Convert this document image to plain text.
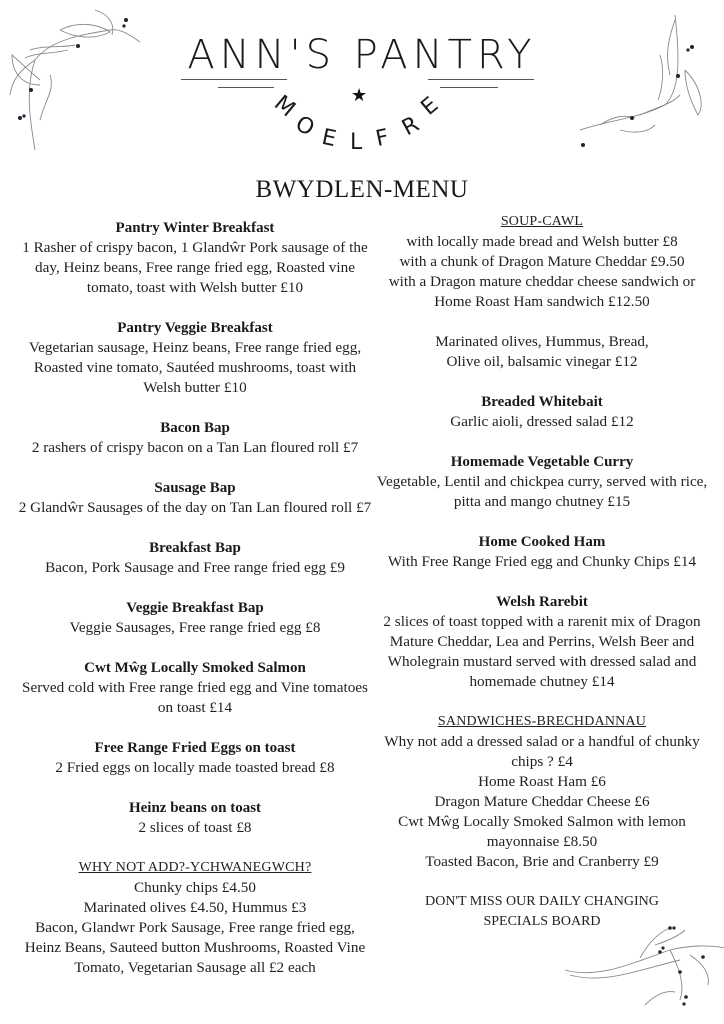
ANN'S PANTRY
★
M
O E L F R
E
BWYDLEN-MENU
Pantry Winter Breakfast
1 Rasher of crispy bacon, 1 Glandŵr Pork sausage of the
day, Heinz beans, Free range fried egg, Roasted vine
tomato, toast with Welsh butter £10
Pantry Veggie Breakfast
Vegetarian sausage, Heinz beans, Free range fried egg,
Roasted vine tomato, Sautéed mushrooms, toast with
Welsh butter £10
Bacon Bap
2 rashers of crispy bacon on a Tan Lan floured roll £7
Sausage Bap
2 Glandŵr Sausages of the day on Tan Lan floured roll £7
Breakfast Bap
Bacon, Pork Sausage and Free range fried egg £9
Veggie Breakfast Bap
Veggie Sausages, Free range fried egg £8
Cwt Mŵg Locally Smoked Salmon
Served cold with Free range fried egg and Vine tomatoes
on toast £14
Free Range Fried Eggs on toast
2 Fried eggs on locally made toasted bread £8
Heinz beans on toast
2 slices of toast £8
WHY NOT ADD?-YCHWANEGWCH?
Chunky chips £4.50
Marinated olives £4.50, Hummus £3
Bacon, Glandwr Pork Sausage, Free range fried egg,
Heinz Beans, Sauteed button Mushrooms, Roasted Vine
Tomato, Vegetarian Sausage all £2 each
SOUP-CAWL
with locally made bread and Welsh butter £8
with a chunk of Dragon Mature Cheddar £9.50
with a Dragon mature cheddar cheese sandwich or
Home Roast Ham sandwich £12.50
Marinated olives, Hummus, Bread,
Olive oil, balsamic vinegar £12
Breaded Whitebait
Garlic aioli, dressed salad £12
Homemade Vegetable Curry
Vegetable, Lentil and chickpea curry, served with rice,
pitta and mango chutney £15
Home Cooked Ham
With Free Range Fried egg and Chunky Chips £14
Welsh Rarebit
2 slices of toast topped with a rarenit mix of Dragon
Mature Cheddar, Lea and Perrins, Welsh Beer and
Wholegrain mustard served with dressed salad and
homemade chutney £14
SANDWICHES-BRECHDANNAU
Why not add a dressed salad or a handful of chunky
chips ? £4
Home Roast Ham £6
Dragon Mature Cheddar Cheese £6
Cwt Mŵg Locally Smoked Salmon with lemon
mayonnaise £8.50
Toasted Bacon, Brie and Cranberry £9
DON'T MISS OUR DAILY CHANGING
SPECIALS BOARD
